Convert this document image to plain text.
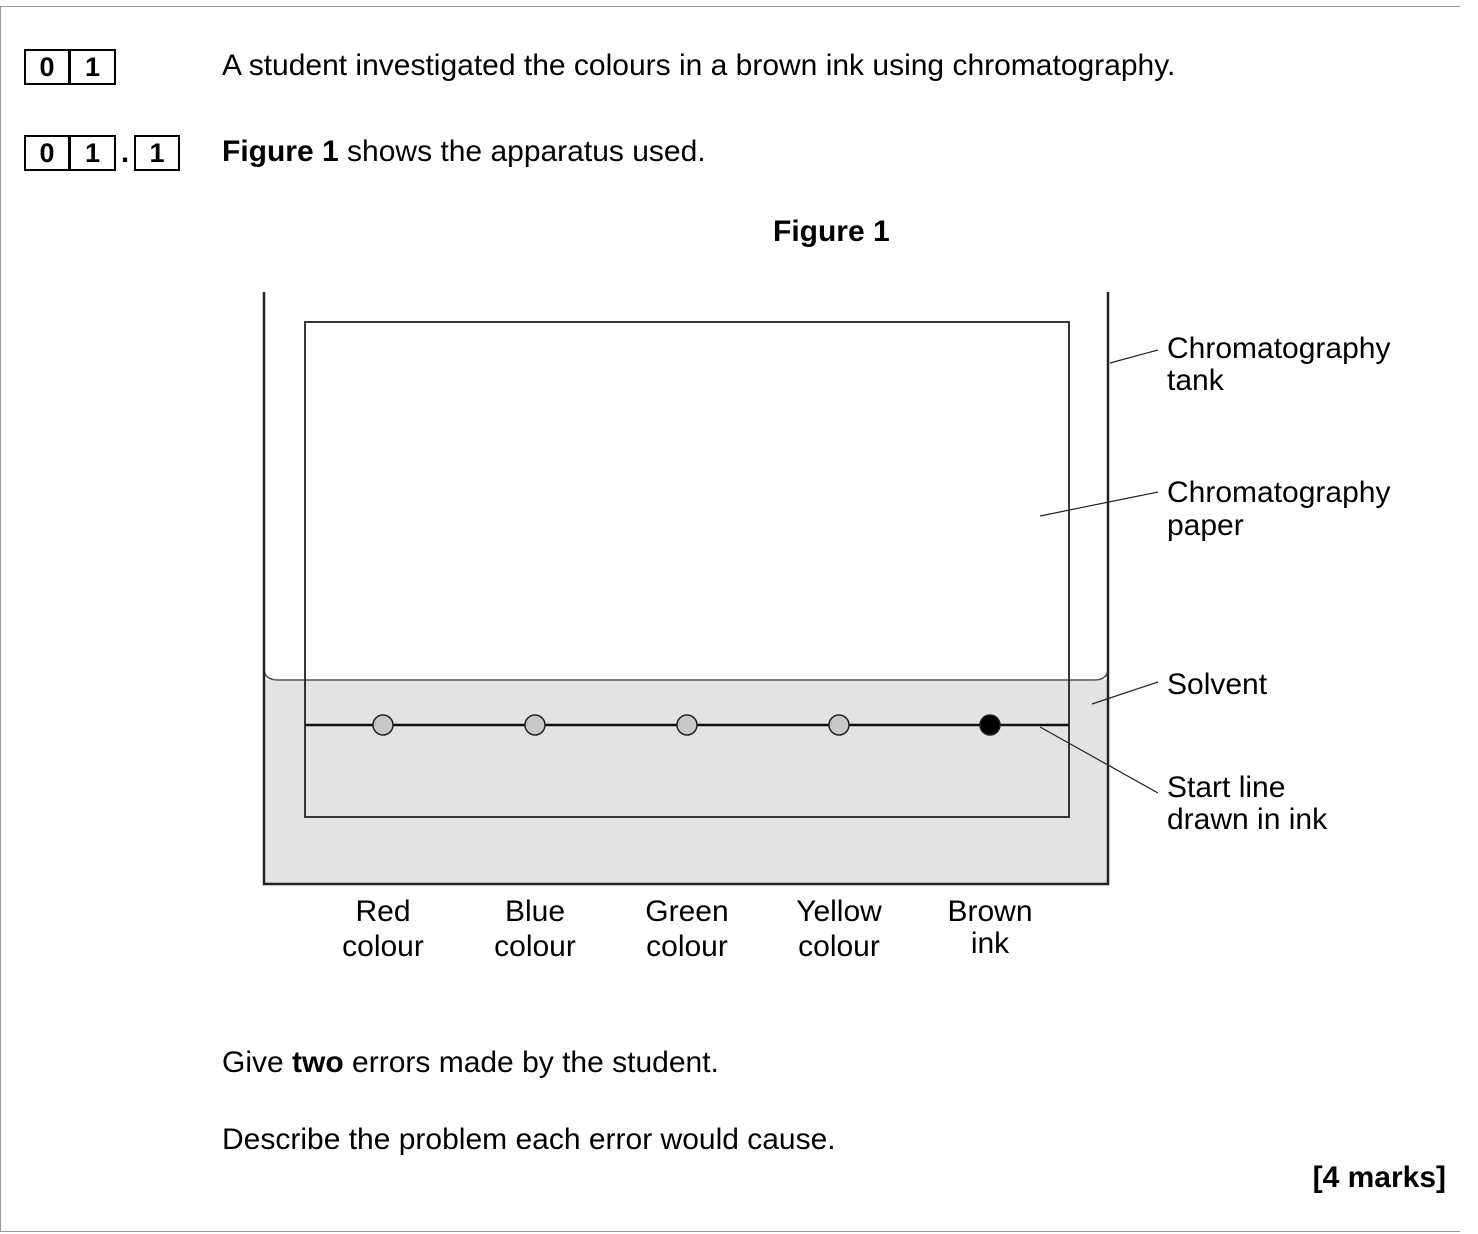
0	1	A student investigated the colours in a brown ink using chromatography.
0	1 . 1	Figure 1 shows the apparatus used.
Figure 1
Chromatography
tank
Chromatography
paper
Solvent
Start line
drawn in ink
Red
colour
Blue
colour
Green
colour
Yellow
colour
Brown
ink
Give two errors made by the student.
Describe the problem each error would cause.
[4 marks]
